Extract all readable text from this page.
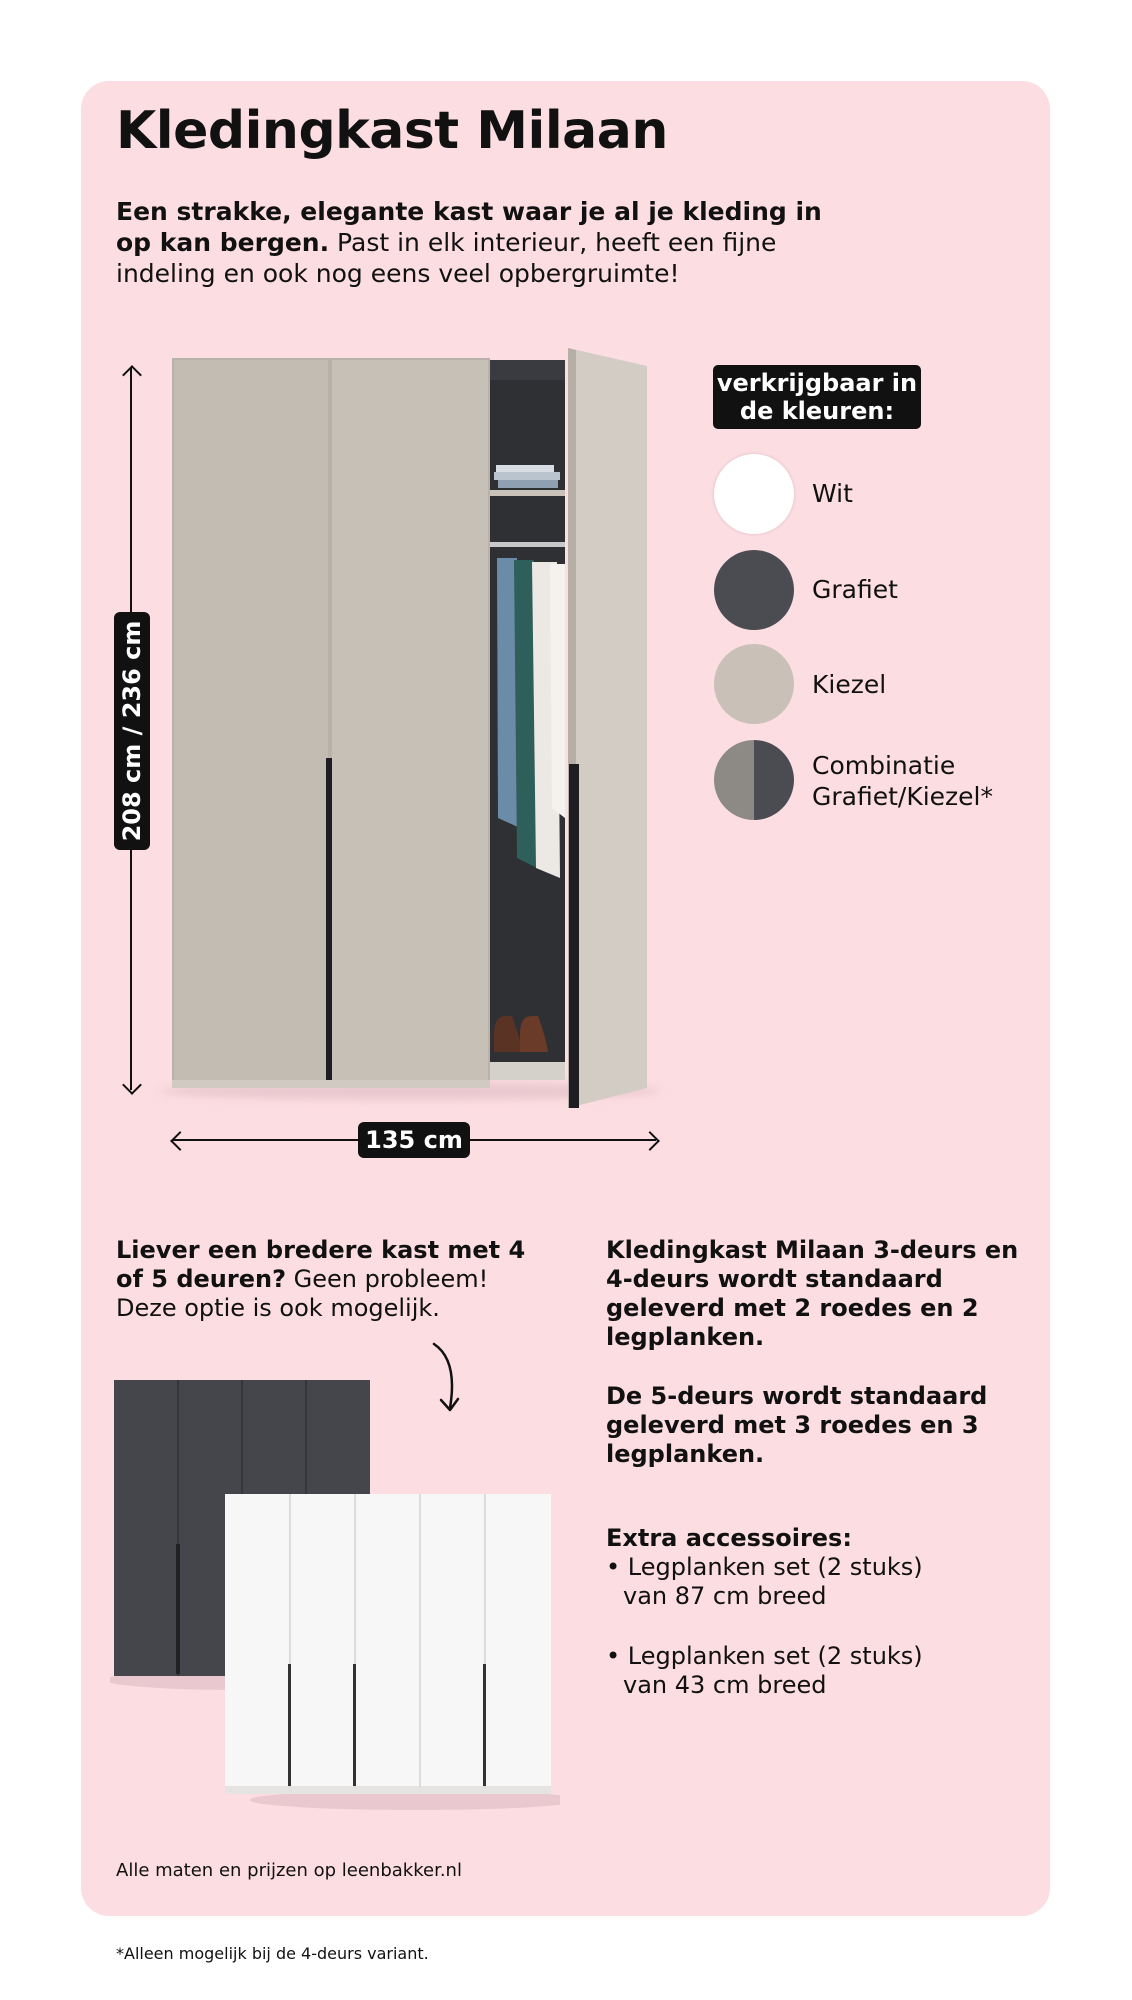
Kledingkast Milaan
Een strakke, elegante kast waar je al je kleding in op kan bergen. Past in elk interieur, heeft een fijne indeling en ook nog eens veel opbergruimte!
208 cm / 236 cm
135 cm
verkrijgbaar in
de kleuren:
Wit
Grafiet
Kiezel
Combinatie
Grafiet/Kiezel*
Liever een bredere kast met 4 of 5 deuren? Geen probleem! Deze optie is ook mogelijk.
Kledingkast Milaan 3-deurs en 4-deurs wordt standaard geleverd met 2 roedes en 2 legplanken.
De 5-deurs wordt standaard geleverd met 3 roedes en 3 legplanken.
Extra accessoires:
• Legplanken set (2 stuks)
van 87 cm breed
• Legplanken set (2 stuks)
van 43 cm breed
Alle maten en prijzen op leenbakker.nl
*Alleen mogelijk bij de 4-deurs variant.
